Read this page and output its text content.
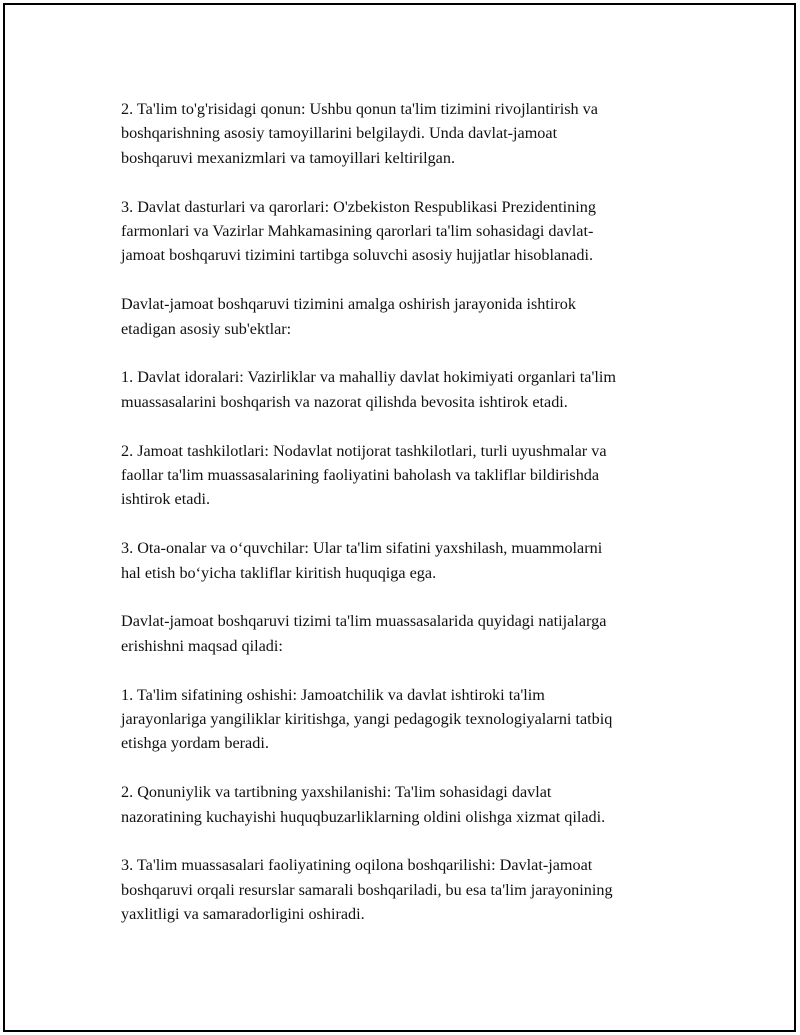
2. Ta'lim to'g'risidagi qonun: Ushbu qonun ta'lim tizimini rivojlantirish va
boshqarishning asosiy tamoyillarini belgilaydi. Unda davlat-jamoat
boshqaruvi mexanizmlari va tamoyillari keltirilgan.

3. Davlat dasturlari va qarorlari: O'zbekiston Respublikasi Prezidentining
farmonlari va Vazirlar Mahkamasining qarorlari ta'lim sohasidagi davlat-
jamoat boshqaruvi tizimini tartibga soluvchi asosiy hujjatlar hisoblanadi.

Davlat-jamoat boshqaruvi tizimini amalga oshirish jarayonida ishtirok
etadigan asosiy sub'ektlar:

1. Davlat idoralari: Vazirliklar va mahalliy davlat hokimiyati organlari ta'lim
muassasalarini boshqarish va nazorat qilishda bevosita ishtirok etadi.

2. Jamoat tashkilotlari: Nodavlat notijorat tashkilotlari, turli uyushmalar va
faollar ta'lim muassasalarining faoliyatini baholash va takliflar bildirishda
ishtirok etadi.

3. Ota-onalar va o‘quvchilar: Ular ta'lim sifatini yaxshilash, muammolarni
hal etish bo‘yicha takliflar kiritish huquqiga ega.

Davlat-jamoat boshqaruvi tizimi ta'lim muassasalarida quyidagi natijalarga
erishishni maqsad qiladi:

1. Ta'lim sifatining oshishi: Jamoatchilik va davlat ishtiroki ta'lim
jarayonlariga yangiliklar kiritishga, yangi pedagogik texnologiyalarni tatbiq
etishga yordam beradi.

2. Qonuniylik va tartibning yaxshilanishi: Ta'lim sohasidagi davlat
nazoratining kuchayishi huquqbuzarliklarning oldini olishga xizmat qiladi.

3. Ta'lim muassasalari faoliyatining oqilona boshqarilishi: Davlat-jamoat
boshqaruvi orqali resurslar samarali boshqariladi, bu esa ta'lim jarayonining
yaxlitligi va samaradorligini oshiradi.
